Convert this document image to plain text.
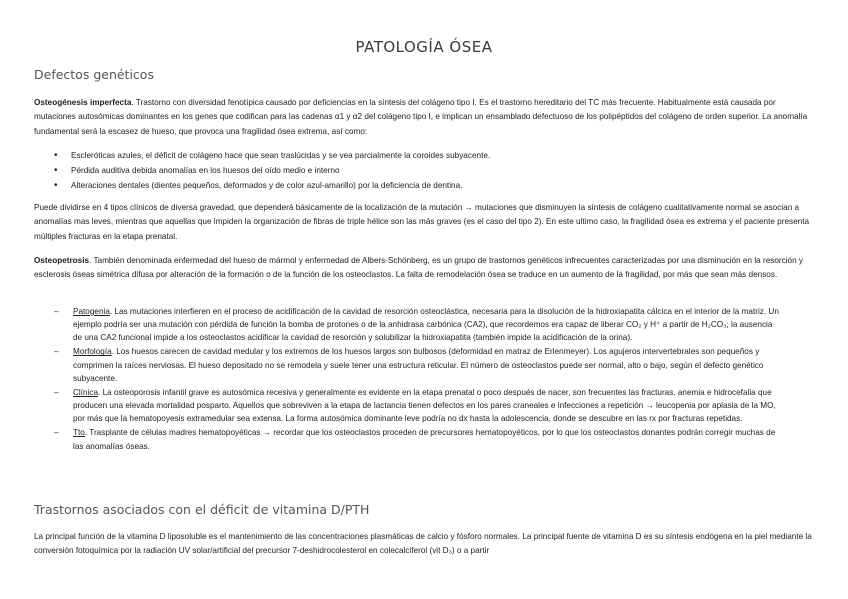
PATOLOGÍA ÓSEA
Defectos genéticos
Osteogénesis imperfecta. Trastorno con diversidad fenotípica causado por deficiencias en la síntesis del colágeno tipo I. Es el trastorno hereditario del TC más frecuente. Habitualmente está causada por mutaciones autosómicas dominantes en los genes que codifican para las cadenas α1 y α2 del colágeno tipo I, e implican un ensamblado defectuoso de los polipéptidos del colágeno de orden superior. La anomalía fundamental será la escasez de hueso, que provoca una fragilidad ósea extrema, así como:
• Escleróticas azules, el déficit de colágeno hace que sean traslúcidas y se vea parcialmente la coroides subyacente.
• Pérdida auditiva debida anomalías en los huesos del oído medio e interno
• Alteraciones dentales (dientes pequeños, deformados y de color azul-amarillo) por la deficiencia de dentina.
Puede dividirse en 4 tipos clínicos de diversa gravedad, que dependerá básicamente de la localización de la mutación → mutaciones que disminuyen la síntesis de colágeno cualitativamente normal se asocian a anomalías mas leves, mientras que aquellas que impiden la organización de fibras de triple hélice son las más graves (es el caso del tipo 2). En este ultimo caso, la fragilidad ósea es extrema y el paciente presenta múltiples fracturas en la etapa prenatal.
Osteopetrosis. También denominada enfermedad del hueso de mármol y enfermedad de Albers-Schönberg, es un grupo de trastornos genéticos infrecuentes caracterizadas por una disminución en la resorción y esclerosis óseas simétrica difusa por alteración de la formación o de la función de los osteoclastos. La falta de remodelación ósea se traduce en un aumento de la fragilidad, por más que sean más densos.
– Patogenia. Las mutaciones interfieren en el proceso de acidificación de la cavidad de resorción osteoclástica, necesaria para la disolución de la hidroxiapatita cálcica en el interior de la matriz. Un ejemplo podría ser una mutación con pérdida de función la bomba de protones o de la anhidrasa carbónica (CA2), que recordemos era capaz de liberar CO₂ y H⁺ a partir de H₂CO₃; la ausencia de una CA2 funcional impide a los osteoclastos acidificar la cavidad de resorción y solubilizar la hidroxiapatita (también impide la acidificación de la orina).
– Morfología. Los huesos carecen de cavidad medular y los extremos de los huesos largos son bulbosos (deformidad en matraz de Erlenmeyer). Los agujeros intervertebrales son pequeños y comprimen la raíces nerviosas. El hueso depositado no se remodela y suele tener una estructura reticular. El número de osteoclastos puede ser normal, alto o bajo, según el defecto genético subyacente.
– Clínica. La osteoporosis infantil grave es autosómica recesiva y generalmente es evidente en la etapa prenatal o poco después de nacer, son frecuentes las fracturas, anemia e hidrocefalia que producen una elevada mortalidad posparto. Aquellos que sobreviven a la etapa de lactancia tienen defectos en los pares craneales e infecciones a repetición → leucopenia por aplasia de la MO, por más que la hematopoyesis extramedular sea extensa. La forma autosómica dominante leve podría no dx hasta la adolescencia, donde se descubre en las rx por fracturas repetidas.
– Tto. Trasplante de células madres hematopoyéticas → recordar que los osteoclastos proceden de precursores hematopoyéticos, por lo que los osteoclastos donantes podrán corregir muchas de las anomalías óseas.
Trastornos asociados con el déficit de vitamina D/PTH
La principal función de la vitamina D liposoluble es el mantenimiento de las concentraciones plasmáticas de calcio y fósforo normales. La principal fuente de vitamina D es su síntesis endógena en la piel mediante la conversión fotoquímica por la radiación UV solar/artificial del precursor 7-deshidrocolesterol en colecalciferol (vit D₃) o a partir
